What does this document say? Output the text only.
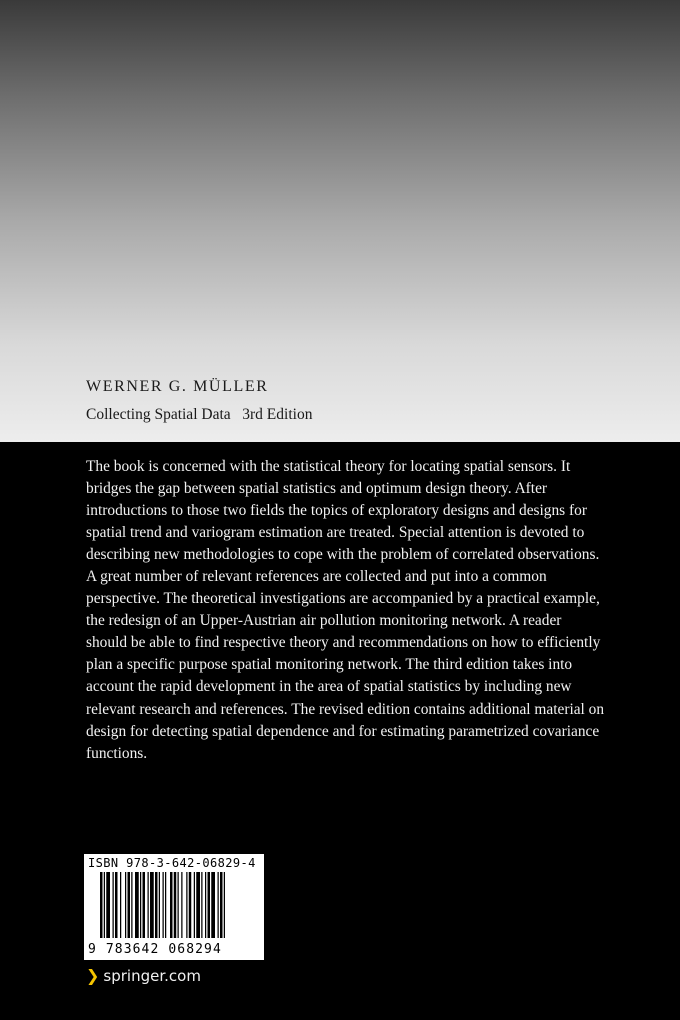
WERNER G. MÜLLER
Collecting Spatial Data 3rd Edition
The book is concerned with the statistical theory for locating spatial sensors. It bridges the gap between spatial statistics and optimum design theory. After introductions to those two fields the topics of exploratory designs and designs for spatial trend and variogram estimation are treated. Special attention is devoted to describing new methodologies to cope with the problem of correlated observations. A great number of relevant references are collected and put into a common perspective. The theoretical investigations are accompanied by a practical example, the redesign of an Upper-Austrian air pollution monitoring network. A reader should be able to find respective theory and recommendations on how to efficiently plan a specific purpose spatial monitoring network. The third edition takes into account the rapid development in the area of spatial statistics by including new relevant research and references. The revised edition contains additional material on design for detecting spatial dependence and for estimating parametrized covariance functions.
ISBN 978-3-642-06829-4
9 783642 068294
❯ springer.com
